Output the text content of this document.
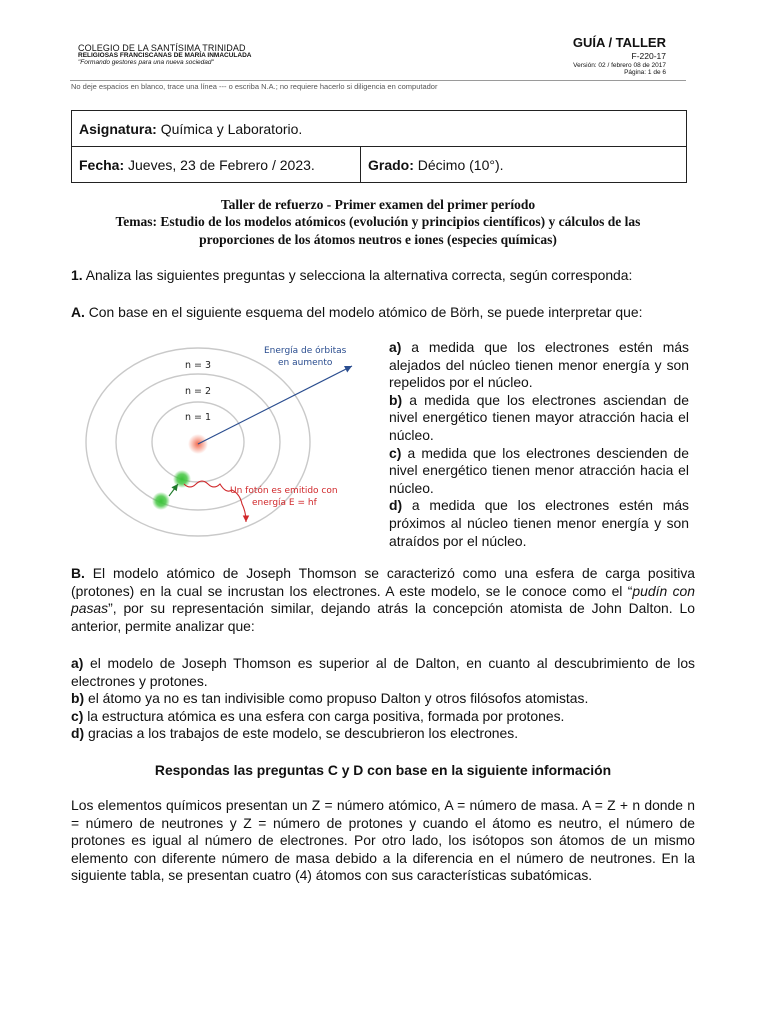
COLEGIO DE LA SANTÍSIMA TRINIDAD
RELIGIOSAS FRANCISCANAS DE MARÍA INMACULADA
"Formando gestores para una nueva sociedad"
GUÍA / TALLER
F-220-17
Versión: 02 / febrero 08 de 2017
Página: 1 de 6
No deje espacios en blanco, trace una línea --- o escriba N.A.; no requiere hacerlo si diligencia en computador
Asignatura: Química y Laboratorio.
Fecha: Jueves, 23 de Febrero / 2023.	Grado: Décimo (10°).
Taller de refuerzo - Primer examen del primer período
Temas: Estudio de los modelos atómicos (evolución y principios científicos) y cálculos de las
proporciones de los átomos neutros e iones (especies químicas)
1. Analiza las siguientes preguntas y selecciona la alternativa correcta, según corresponda:
A. Con base en el siguiente esquema del modelo atómico de Börh, se puede interpretar que:
n = 3
n = 2
n = 1
Energía de órbitas
en aumento
Un fotón es emitido con
energía E = hf
a) a medida que los electrones estén más alejados del núcleo tienen menor energía y son repelidos por el núcleo.
b) a medida que los electrones asciendan de nivel energético tienen mayor atracción hacia el núcleo.
c) a medida que los electrones descienden de nivel energético tienen menor atracción hacia el núcleo.
d) a medida que los electrones estén más próximos al núcleo tienen menor energía y son atraídos por el núcleo.
B. El modelo atómico de Joseph Thomson se caracterizó como una esfera de carga positiva (protones) en la cual se incrustan los electrones. A este modelo, se le conoce como el “pudín con pasas”, por su representación similar, dejando atrás la concepción atomista de John Dalton. Lo anterior, permite analizar que:
a) el modelo de Joseph Thomson es superior al de Dalton, en cuanto al descubrimiento de los electrones y protones.
b) el átomo ya no es tan indivisible como propuso Dalton y otros filósofos atomistas.
c) la estructura atómica es una esfera con carga positiva, formada por protones.
d) gracias a los trabajos de este modelo, se descubrieron los electrones.
Respondas las preguntas C y D con base en la siguiente información
Los elementos químicos presentan un Z = número atómico, A = número de masa. A = Z + n donde n = número de neutrones y Z = número de protones y cuando el átomo es neutro, el número de protones es igual al número de electrones. Por otro lado, los isótopos son átomos de un mismo elemento con diferente número de masa debido a la diferencia en el número de neutrones. En la siguiente tabla, se presentan cuatro (4) átomos con sus características subatómicas.
